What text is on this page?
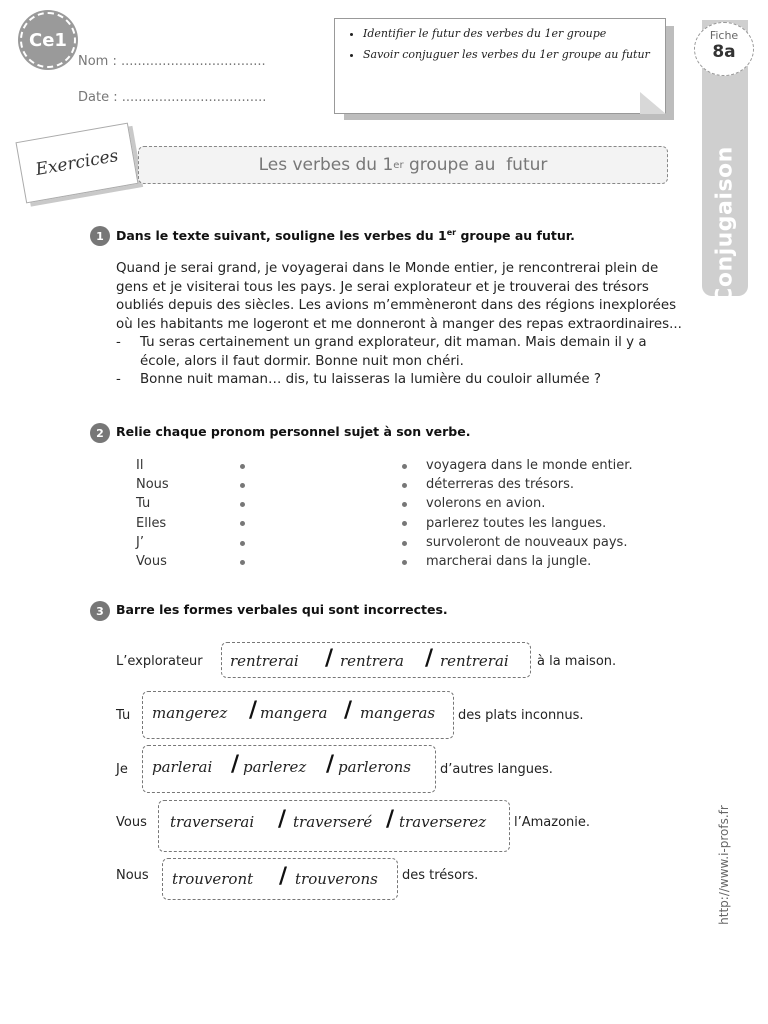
Ce1
Nom : ...................................
Date : ...................................
• Identifier le futur des verbes du 1er groupe
• Savoir conjuguer les verbes du 1er groupe au futur
Fiche
8a
Conjugaison
Exercices	Les verbes du 1 er groupe au  futur
1 Dans le texte suivant, souligne les verbes du 1er groupe au futur.

Quand je serai grand, je voyagerai dans le Monde entier, je rencontrerai plein de gens et je visiterai tous les pays. Je serai explorateur et je trouverai des trésors oubliés depuis des siècles. Les avions m’emmèneront dans des régions inexplorées où les habitants me logeront et me donneront à manger des repas extraordinaires...

- Tu seras certainement un grand explorateur, dit maman. Mais demain il y a école, alors il faut dormir. Bonne nuit mon chéri.
- Bonne nuit maman… dis, tu laisseras la lumière du couloir allumée ?
2 Relie chaque pronom personnel sujet à son verbe.
Il
Nous
Tu
Elles
J’
Vous
voyagera dans le monde entier.
déterreras des trésors.
volerons en avion.
parlerez toutes les langues.
survoleront de nouveaux pays.
marcherai dans la jungle.
3 Barre les formes verbales qui sont incorrectes.
L’explorateur rentrerai / rentrera / rentrerai à la maison.
Tu mangerez / mangera / mangeras des plats inconnus.
Je parlerai / parlerez / parlerons d’autres langues.
Vous traverserai / traverseré / traverserez l’Amazonie.
Nous trouveront / trouverons des trésors.	http://www.i-profs.fr
